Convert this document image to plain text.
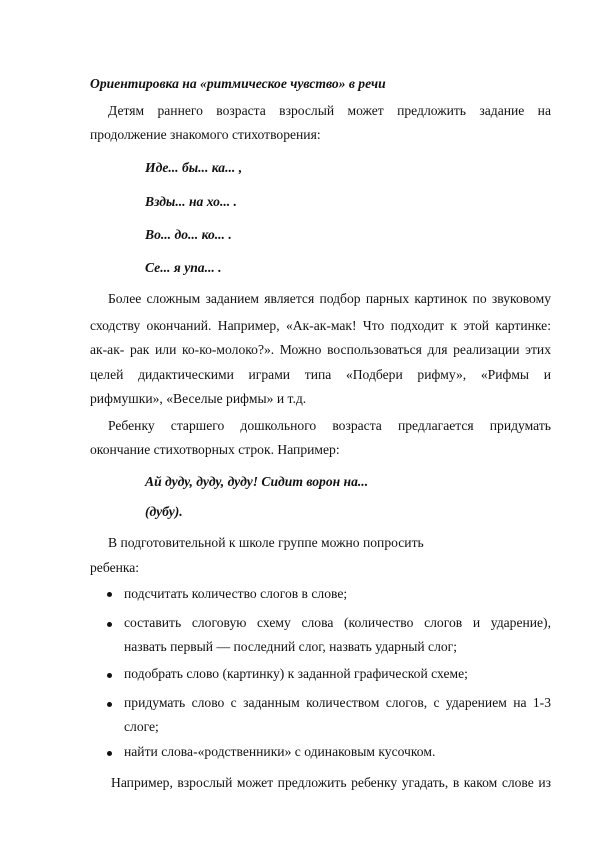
Ориентировка на «ритмическое чувство» в речи
Детям раннего возраста взрослый может предложить задание на
продолжение знакомого стихотворения:
Иде... бы... ка... ,
Взды... на хо... .
Во... до... ко... .
Се... я упа... .
Более сложным заданием является подбор парных картинок по звуковому
сходству окончаний. Например, «Ак-ак-мак! Что подходит к этой картинке:
ак-ак- рак или ко-ко-молоко?». Можно воспользоваться для реализации этих
целей дидактическими играми типа «Подбери рифму», «Рифмы и
рифмушки», «Веселые рифмы» и т.д.
Ребенку старшего дошкольного возраста предлагается придумать
окончание стихотворных строк. Например:
Ай дуду, дуду, дуду! Сидит ворон на...
(дубу).
В подготовительной к школе группе можно попросить
ребенка:
подсчитать количество слогов в слове;
составить слоговую схему слова (количество слогов и ударение),
назвать первый — последний слог, назвать ударный слог;
подобрать слово (картинку) к заданной графической схеме;
придумать слово с заданным количеством слогов, с ударением на 1-3
слоге;
найти слова-«родственники» с одинаковым кусочком.
Например, взрослый может предложить ребенку угадать, в каком слове из
